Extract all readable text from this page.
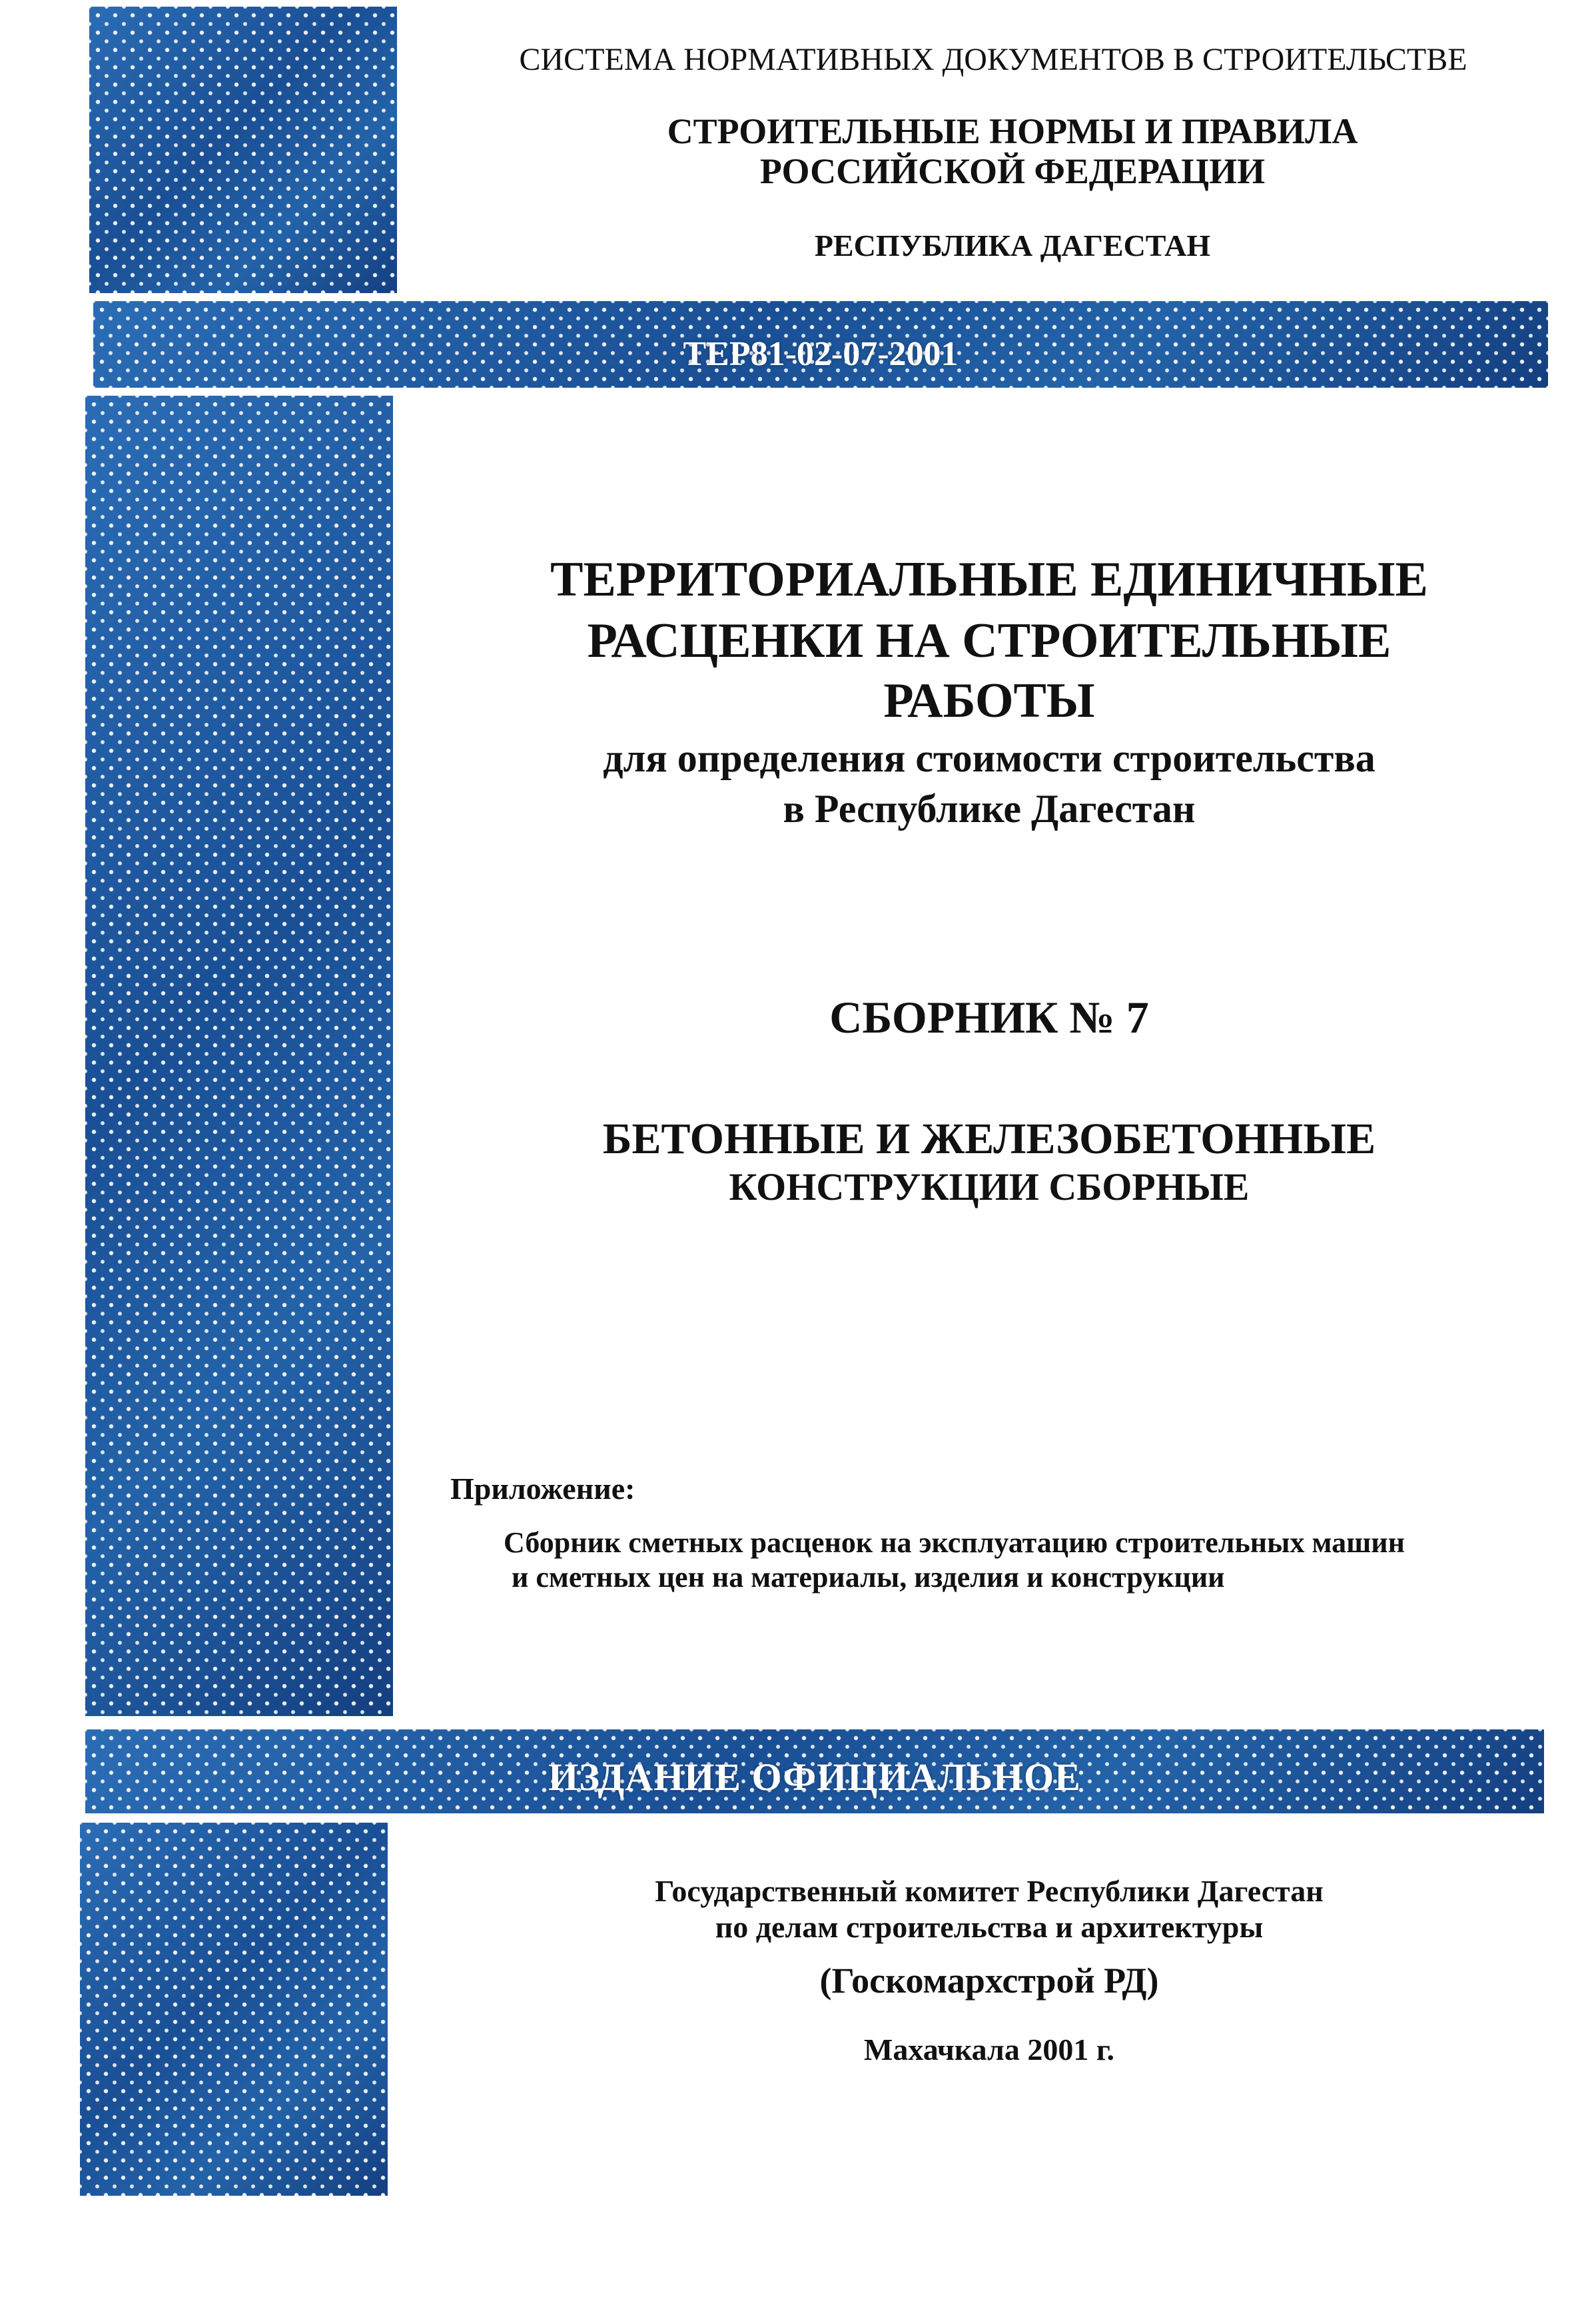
ТЕР81-02-07-2001
ИЗДАНИЕ ОФИЦИАЛЬНОЕ

СИСТЕМА НОРМАТИВНЫХ ДОКУМЕНТОВ В СТРОИТЕЛЬСТВЕ

СТРОИТЕЛЬНЫЕ НОРМЫ И ПРАВИЛА

РОССИЙСКОЙ ФЕДЕРАЦИИ

РЕСПУБЛИКА ДАГЕСТАН

ТЕРРИТОРИАЛЬНЫЕ ЕДИНИЧНЫЕ

РАСЦЕНКИ НА СТРОИТЕЛЬНЫЕ

РАБОТЫ

для определения стоимости строительства

в Республике Дагестан

СБОРНИК № 7

БЕТОННЫЕ И ЖЕЛЕЗОБЕТОННЫЕ

КОНСТРУКЦИИ СБОРНЫЕ

Приложение:

Сборник сметных расценок на эксплуатацию строительных машин

и сметных цен на материалы, изделия и конструкции

Государственный комитет Республики Дагестан

по делам строительства и архитектуры

(Госкомархстрой РД)

Махачкала 2001 г.
